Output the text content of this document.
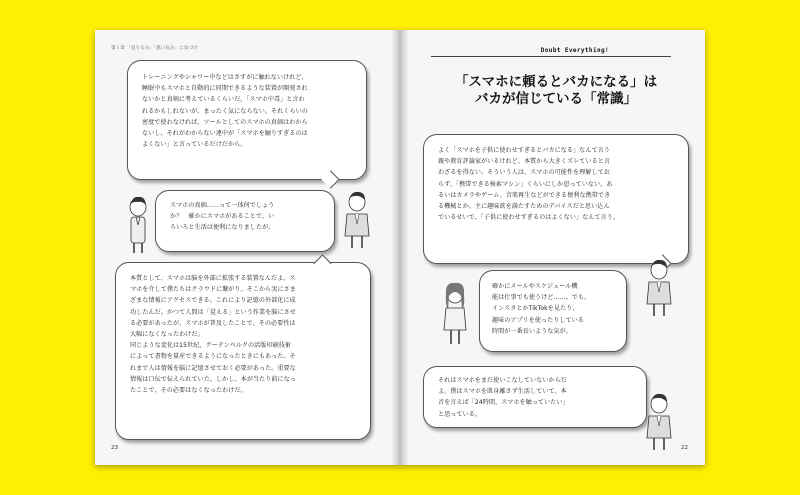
第１章 「見りるみ」「思い込み」に気づけ

トレーニングやシャワー中などはさすがに触れないけれど、

睡眠中もスマホと自動的に同期できるような装置が開発され

ないかと真剣に考えているくらいだ。「スマホ中毒」と言わ

れるかもしれないが、まったく気にならない。それくらいの

密度で使わなければ、ツールとしてのスマホの真価はわから

ないし、それがわからない連中が「スマホを触りすぎるのは

よくない」と言っているだけだから。

スマホの真価……って一体何でしょう

か？　確かにスマホがあることで、い

ろいろと生活は便利になりましたが。

本質として、スマホは脳を外部に拡張する装置なんだよ。ス

マホを介して僕たちはクラウドに繋がり、そこから実にさま

ざまな情報にアクセスできる。これにより記憶の外部化に成

功したんだ。かつて人間は「覚える」という作業を脳にさせ

る必要があったが、スマホが普及したことで、その必要性は

大幅になくなったわけだ。

同じような変化は15世紀、グーテンベルクの活版印刷技術

によって書物を量産できるようになったときにもあった。そ

れまで人は情報を脳に記憶させておく必要があった。重要な

情報は口伝で伝えられていた。しかし、本が当たり前になっ

たことで、その必要はなくなったわけだ。

23
Doubt Everything!
「スマホに頼るとバカになる」は
バカが信じている「常識」

よく「スマホを子供に使わせすぎるとバカになる」なんて言う

親や教育評論家がいるけれど、本質から大きくズレていると言

わざるを得ない。そういう人は、スマホの可能性を理解してお

らず、「携帯できる検索マシン」くらいにしか思っていない。あ

るいはカメラやゲーム、音楽再生などができる便利な携帯でき

る機械とか。主に趣味欲を満たすためのデバイスだと思い込ん

でいるせいで、「子供に使わせすぎるのはよくない」なんて言う。

確かにメールやスケジュール機

能は仕事でも使うけど……。でも、

インスタとかTikTokを見たり、

趣味のアプリを使ったりしている

時間が一番長いような気が。

それはスマホをまだ使いこなしていないからだ

よ。僕はスマホを肌身離さず生活していて、本

音を言えば「24時間、スマホを触っていたい」

と思っている。

22
